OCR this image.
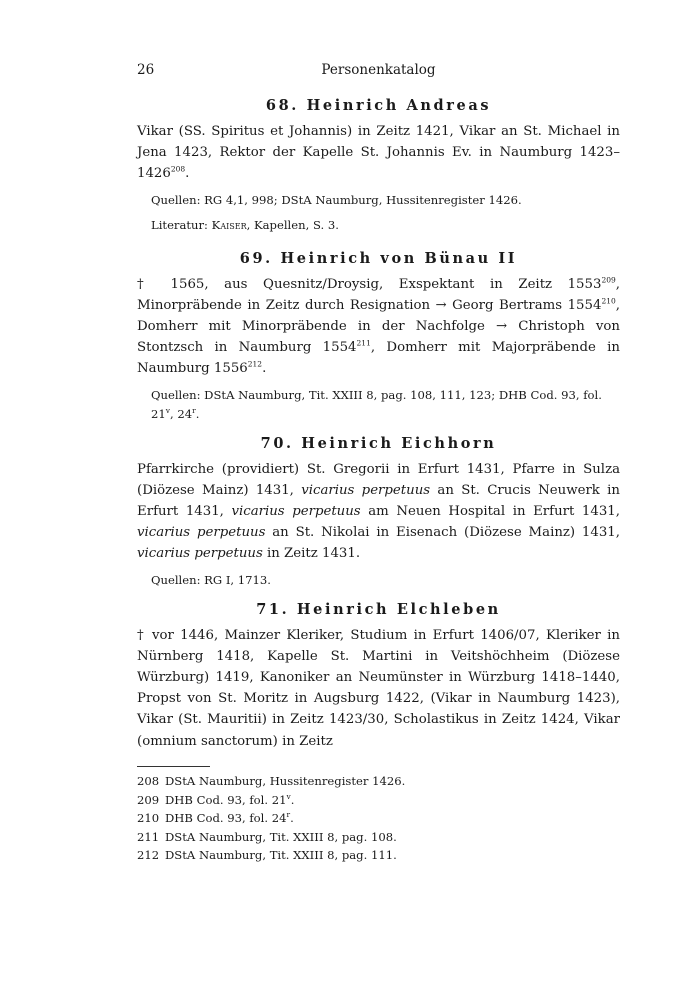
26	Personenkatalog
68. Heinrich Andreas

Vikar (SS. Spiritus et Johannis) in Zeitz 1421, Vikar an St. Michael in Jena 1423, Rektor der Kapelle St. Johannis Ev. in Naumburg 1423–1426$^{208}$.

Quellen: RG 4,1, 998; DStA Naumburg, Hussitenregister 1426.

Literatur: Kaiser, Kapellen, S. 3.

69. Heinrich von Bünau II

† 1565, aus Quesnitz/Droysig, Exspektant in Zeitz 1553$^{209}$, Minorpräbende in Zeitz durch Resignation → Georg Bertrams 1554$^{210}$, Domherr mit Minorpräbende in der Nachfolge → Christoph von Stontzsch in Naumburg 1554$^{211}$, Domherr mit Majorpräbende in Naumburg 1556$^{212}$.

Quellen: DStA Naumburg, Tit. XXIII 8, pag. 108, 111, 123; DHB Cod. 93, fol. 21$^v$, 24$^r$.

70. Heinrich Eichhorn

Pfarrkirche (providiert) St. Gregorii in Erfurt 1431, Pfarre in Sulza (Diözese Mainz) 1431, vicarius perpetuus an St. Crucis Neuwerk in Erfurt 1431, vicarius perpetuus am Neuen Hospital in Erfurt 1431, vicarius perpetuus an St. Nikolai in Eisenach (Diözese Mainz) 1431, vicarius perpetuus in Zeitz 1431.

Quellen: RG I, 1713.

71. Heinrich Elchleben

† vor 1446, Mainzer Kleriker, Studium in Erfurt 1406/07, Kleriker in Nürnberg 1418, Kapelle St. Martini in Veitshöchheim (Diözese Würzburg) 1419, Kanoniker an Neumünster in Würzburg 1418–1440, Propst von St. Moritz in Augsburg 1422, (Vikar in Naumburg 1423), Vikar (St. Mauritii) in Zeitz 1423/30, Scholastikus in Zeitz 1424, Vikar (omnium sanctorum) in Zeitz

208 DStA Naumburg, Hussitenregister 1426.
209 DHB Cod. 93, fol. 21$^v$.
210 DHB Cod. 93, fol. 24$^r$.
211 DStA Naumburg, Tit. XXIII 8, pag. 108.
212 DStA Naumburg, Tit. XXIII 8, pag. 111.
